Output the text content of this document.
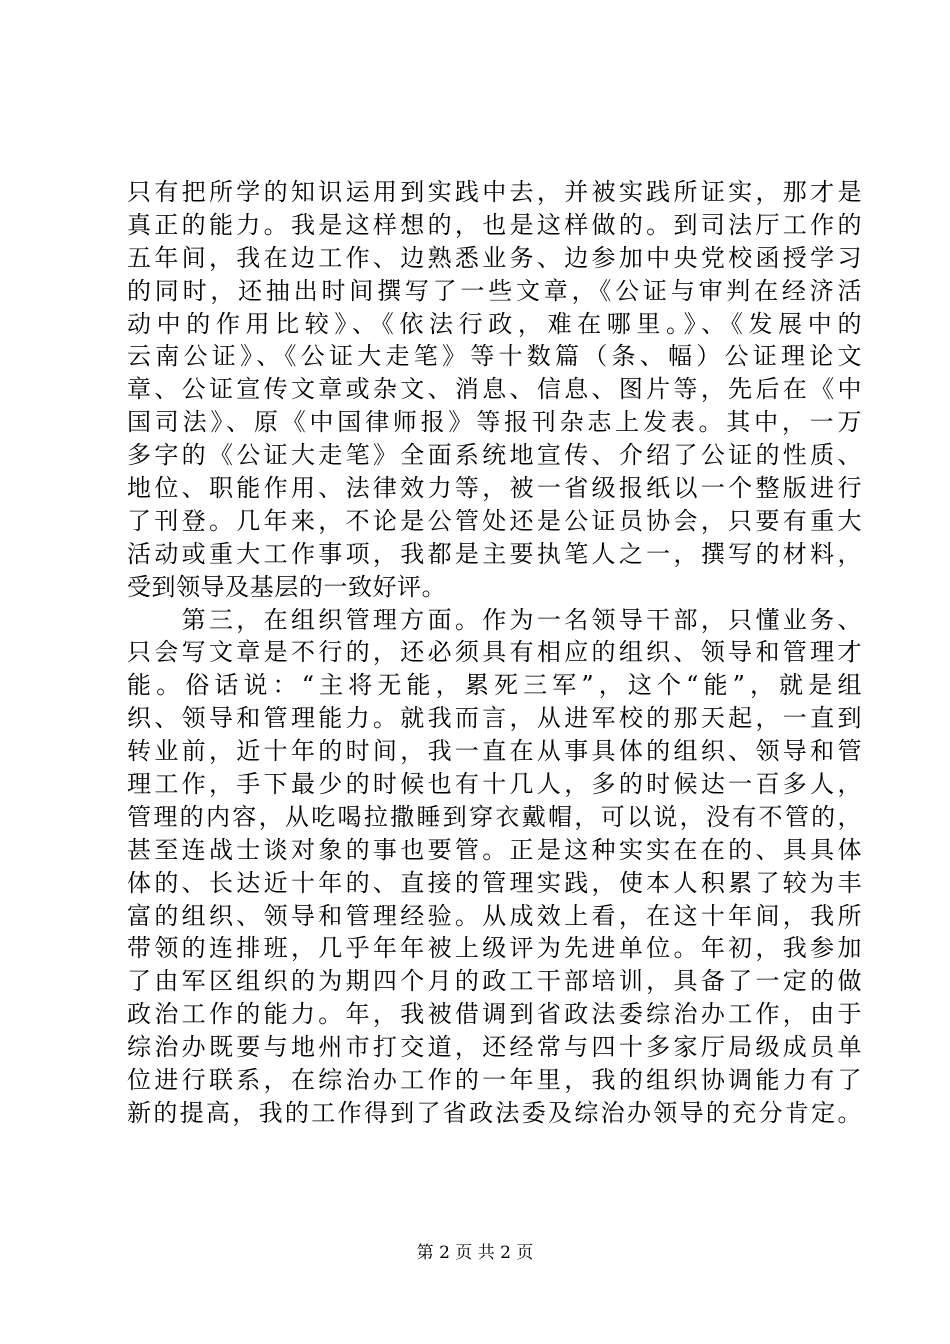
只有把所学的知识运用到实践中去，并被实践所证实，那才是
真正的能力。我是这样想的，也是这样做的。到司法厅工作的
五年间，我在边工作、边熟悉业务、边参加中央党校函授学习
的同时，还抽出时间撰写了一些文章，《公证与审判在经济活
动中的作用比较》、《依法行政，难在哪里。》、《发展中的
云南公证》、《公证大走笔》等十数篇（条、幅）公证理论文
章、公证宣传文章或杂文、消息、信息、图片等，先后在《中
国司法》、原《中国律师报》等报刊杂志上发表。其中，一万
多字的《公证大走笔》全面系统地宣传、介绍了公证的性质、
地位、职能作用、法律效力等，被一省级报纸以一个整版进行
了刊登。几年来，不论是公管处还是公证员协会，只要有重大
活动或重大工作事项，我都是主要执笔人之一，撰写的材料，
受到领导及基层的一致好评。
　　第三，在组织管理方面。作为一名领导干部，只懂业务、
只会写文章是不行的，还必须具有相应的组织、领导和管理才
能。俗话说：“主将无能，累死三军”，这个“能”，就是组
织、领导和管理能力。就我而言，从进军校的那天起，一直到
转业前，近十年的时间，我一直在从事具体的组织、领导和管
理工作，手下最少的时候也有十几人，多的时候达一百多人，
管理的内容，从吃喝拉撒睡到穿衣戴帽，可以说，没有不管的，
甚至连战士谈对象的事也要管。正是这种实实在在的、具具体
体的、长达近十年的、直接的管理实践，使本人积累了较为丰
富的组织、领导和管理经验。从成效上看，在这十年间，我所
带领的连排班，几乎年年被上级评为先进单位。年初，我参加
了由军区组织的为期四个月的政工干部培训，具备了一定的做
政治工作的能力。年，我被借调到省政法委综治办工作，由于
综治办既要与地州市打交道，还经常与四十多家厅局级成员单
位进行联系，在综治办工作的一年里，我的组织协调能力有了
新的提高，我的工作得到了省政法委及综治办领导的充分肯定。
第 2 页 共 2 页
